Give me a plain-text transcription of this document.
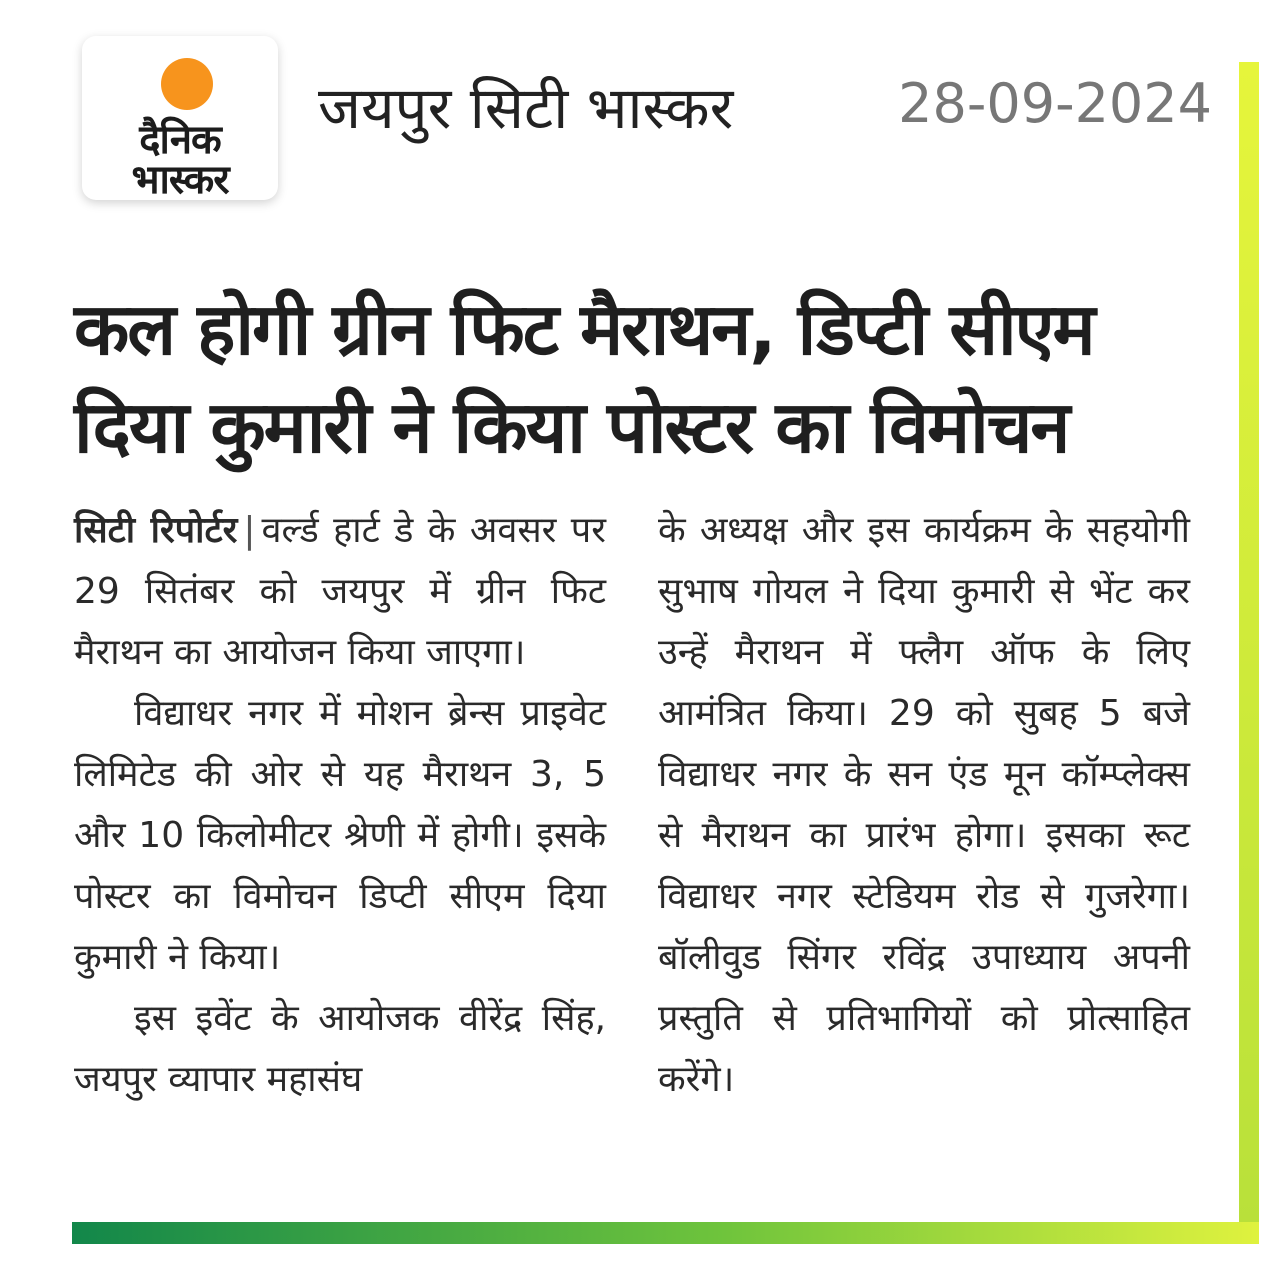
दैनिक
भास्कर
जयपुर सिटी भास्कर	28-09-2024
कल होगी ग्रीन फिट मैराथन, डिप्टी सीएम
दिया कुमारी ने किया पोस्टर का विमोचन

सिटी रिपोर्टर | वर्ल्ड हार्ट डे के अवसर पर 29 सितंबर को जयपुर में ग्रीन फिट मैराथन का आयोजन किया जाएगा।

विद्याधर नगर में मोशन ब्रेन्स प्राइवेट लिमिटेड की ओर से यह मैराथन 3, 5 और 10 किलोमीटर श्रेणी में होगी। इसके पोस्टर का विमोचन डिप्टी सीएम दिया कुमारी ने किया।

इस इवेंट के आयोजक वीरेंद्र सिंह, जयपुर व्यापार महासंघ

के अध्यक्ष और इस कार्यक्रम के सहयोगी सुभाष गोयल ने दिया कुमारी से भेंट कर उन्हें मैराथन में फ्लैग ऑफ के लिए आमंत्रित किया। 29 को सुबह 5 बजे विद्याधर नगर के सन एंड मून कॉम्प्लेक्स से मैराथन का प्रारंभ होगा। इसका रूट विद्याधर नगर स्टेडियम रोड से गुजरेगा। बॉलीवुड सिंगर रविंद्र उपाध्याय अपनी प्रस्तुति से प्रतिभागियों को प्रोत्साहित करेंगे।
